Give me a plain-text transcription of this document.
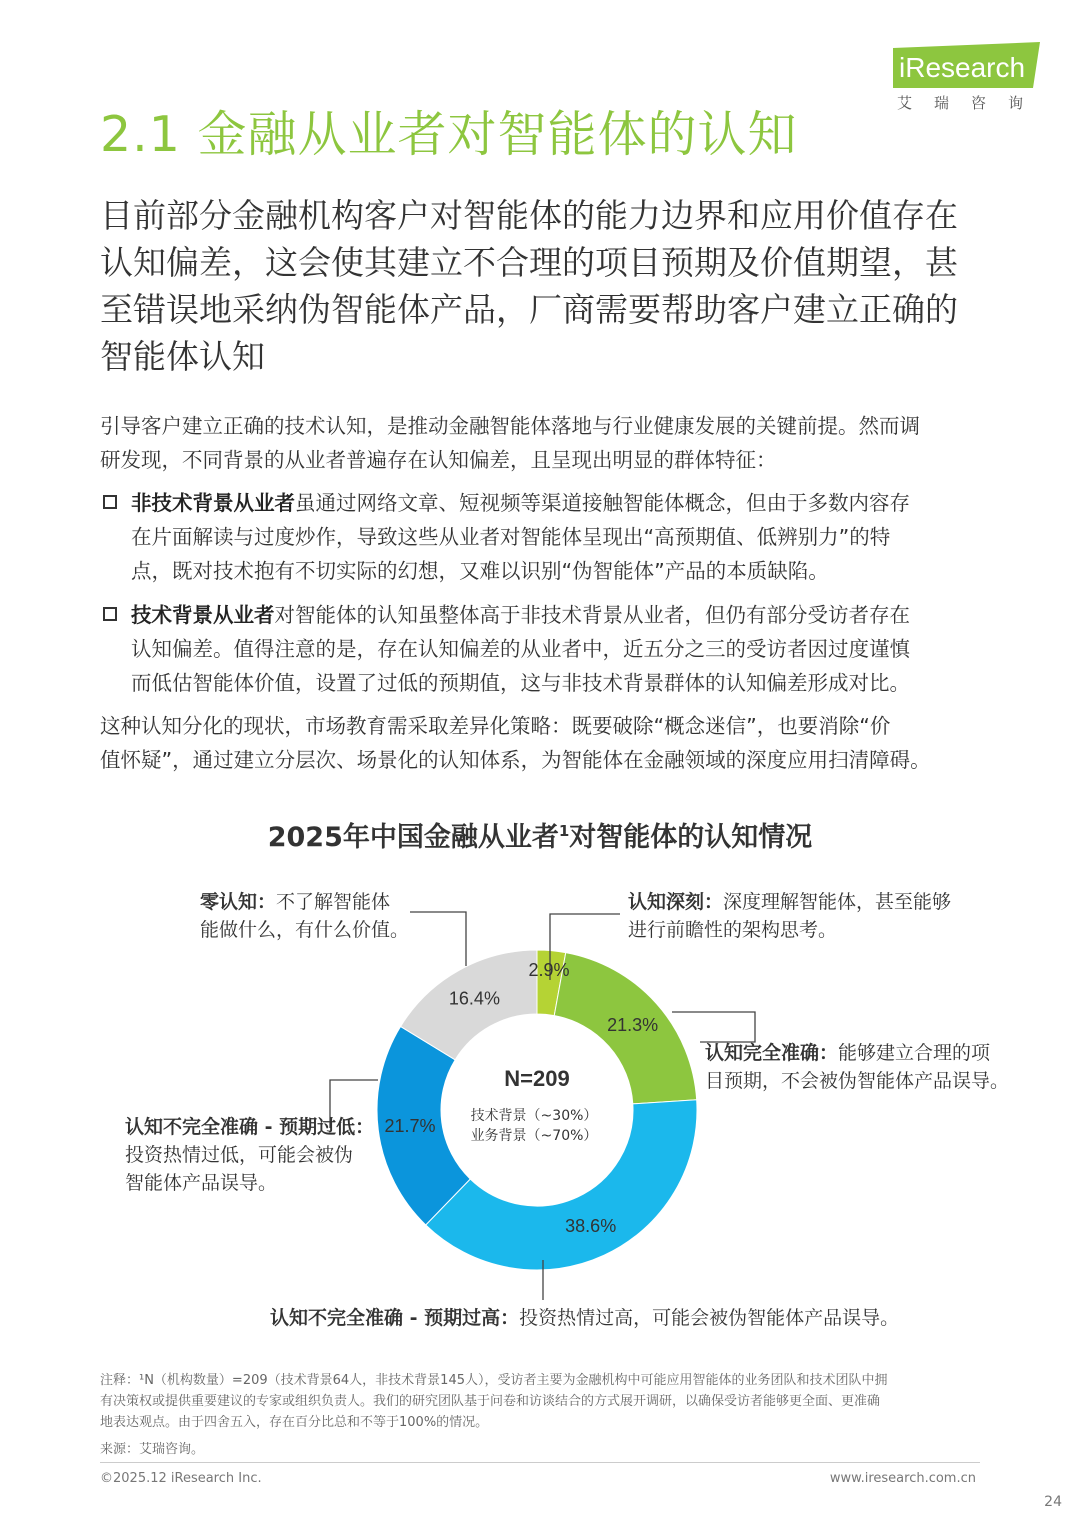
iResearch
艾瑞咨询
2.1 金融从业者对智能体的认知
目前部分金融机构客户对智能体的能力边界和应用价值存在
认知偏差，这会使其建立不合理的项目预期及价值期望，甚
至错误地采纳伪智能体产品，厂商需要帮助客户建立正确的
智能体认知
引导客户建立正确的技术认知，是推动金融智能体落地与行业健康发展的关键前提。然而调
研发现，不同背景的从业者普遍存在认知偏差，且呈现出明显的群体特征：
非技术背景从业者虽通过网络文章、短视频等渠道接触智能体概念，但由于多数内容存
在片面解读与过度炒作，导致这些从业者对智能体呈现出“高预期值、低辨别力”的特
点，既对技术抱有不切实际的幻想，又难以识别“伪智能体”产品的本质缺陷。
技术背景从业者对智能体的认知虽整体高于非技术背景从业者，但仍有部分受访者存在
认知偏差。值得注意的是，存在认知偏差的从业者中，近五分之三的受访者因过度谨慎
而低估智能体价值，设置了过低的预期值，这与非技术背景群体的认知偏差形成对比。
这种认知分化的现状，市场教育需采取差异化策略：既要破除“概念迷信”，也要消除“价
值怀疑”，通过建立分层次、场景化的认知体系，为智能体在金融领域的深度应用扫清障碍。
2025年中国金融从业者$^1$对智能体的认知情况
2.9%
21.3%
38.6%
21.7%
16.4%
N=209
技术背景（~30%）
业务背景（~70%）
零认知：不了解智能体
能做什么，有什么价值。
认知深刻：深度理解智能体，甚至能够
进行前瞻性的架构思考。
认知完全准确：能够建立合理的项
目预期，不会被伪智能体产品误导。
认知不完全准确 - 预期过低：
投资热情过低，可能会被伪
智能体产品误导。
认知不完全准确 - 预期过高：投资热情过高，可能会被伪智能体产品误导。
注释：¹N（机构数量）=209（技术背景64人，非技术背景145人），受访者主要为金融机构中可能应用智能体的业务团队和技术团队中拥
有决策权或提供重要建议的专家或组织负责人。我们的研究团队基于问卷和访谈结合的方式展开调研，以确保受访者能够更全面、更准确
地表达观点。由于四舍五入，存在百分比总和不等于100%的情况。
来源：艾瑞咨询。
©2025.12 iResearch Inc.	www.iresearch.com.cn
24
